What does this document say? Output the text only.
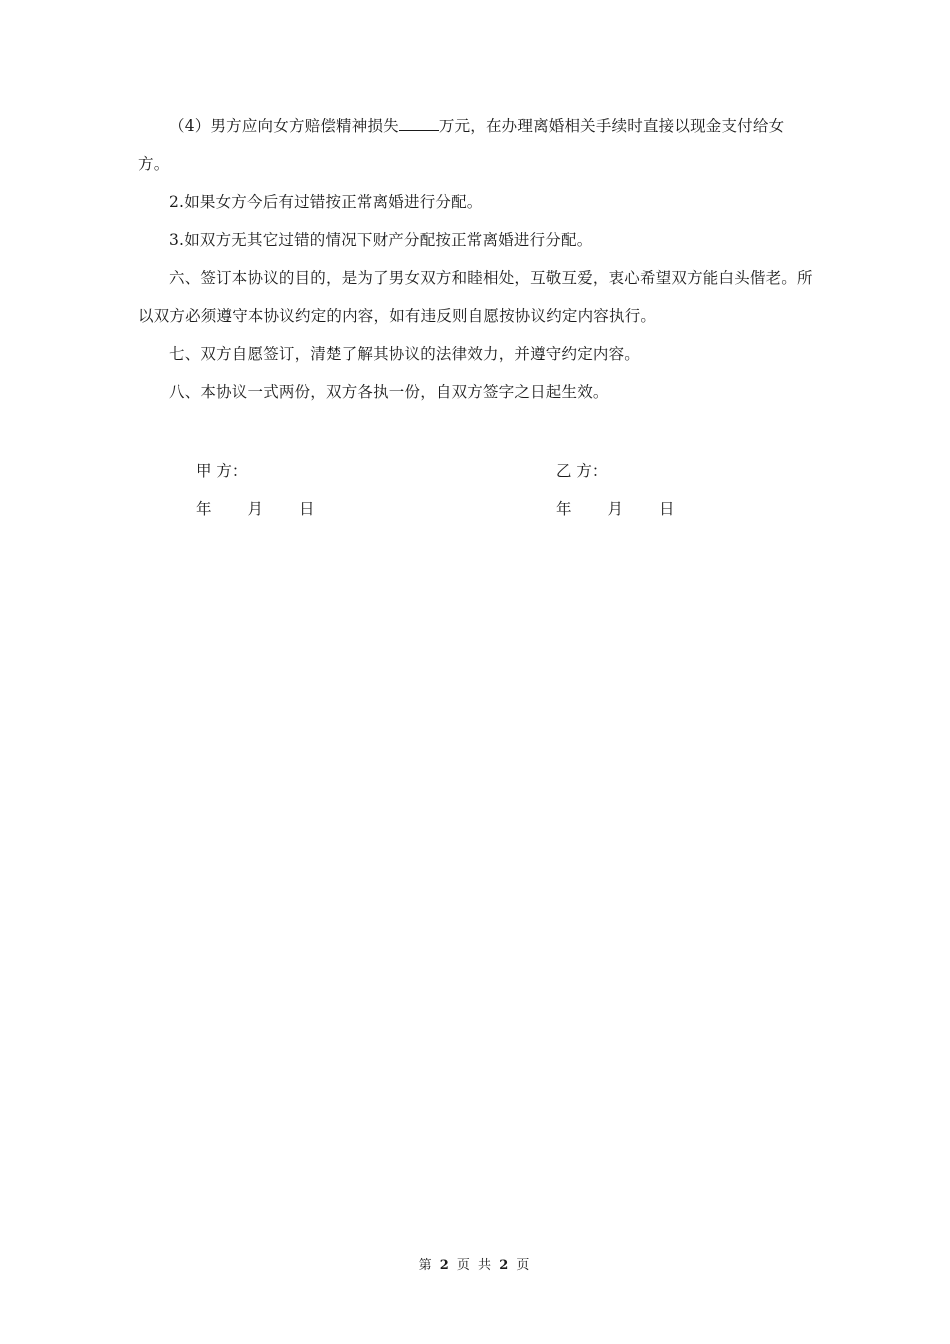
（4）男方应向女方赔偿精神损失	万元，在办理离婚相关手续时直接以现金支付给女方。

2.如果女方今后有过错按正常离婚进行分配。

3.如双方无其它过错的情况下财产分配按正常离婚进行分配。

六、签订本协议的目的，是为了男女双方和睦相处，互敬互爱，衷心希望双方能白头偕老。所以双方必须遵守本协议约定的内容，如有违反则自愿按协议约定内容执行。

七、双方自愿签订，清楚了解其协议的法律效力，并遵守约定内容。

八、本协议一式两份，双方各执一份，自双方签字之日起生效。

甲 方：	乙 方：
年 月 日	年 月 日
第 2 页 共 2 页
